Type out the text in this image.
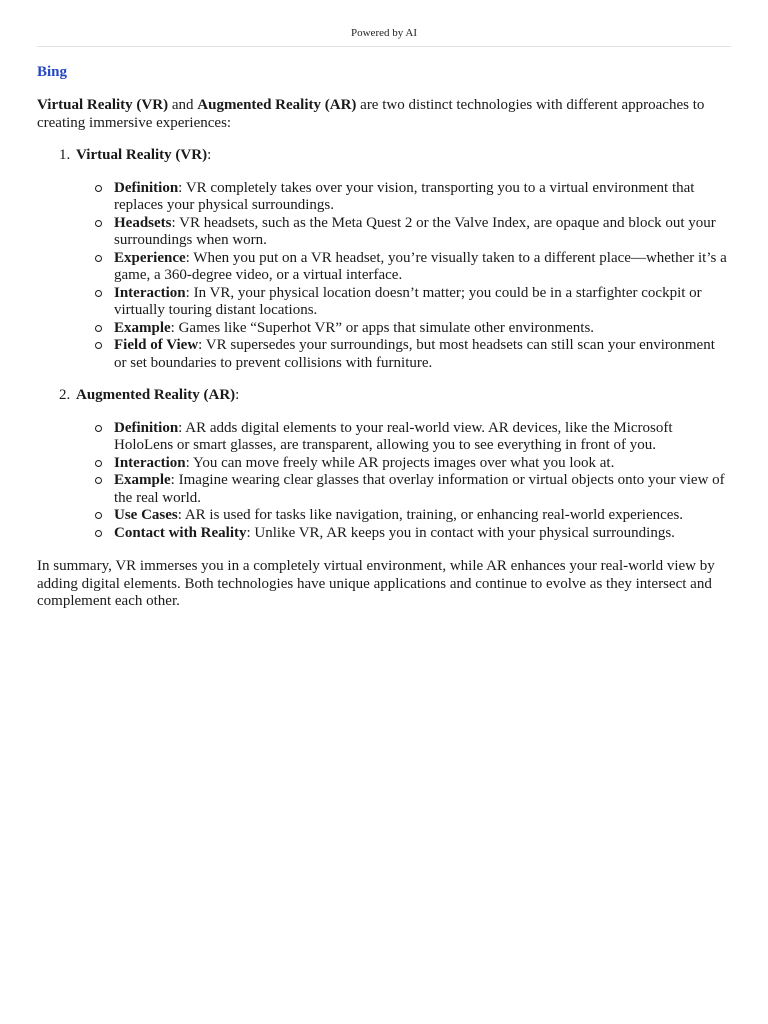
Powered by AI
Bing

Virtual Reality (VR) and Augmented Reality (AR) are two distinct technologies with different approaches to creating immersive experiences:

1. Virtual Reality (VR):
Definition: VR completely takes over your vision, transporting you to a virtual environment that replaces your physical surroundings.
Headsets: VR headsets, such as the Meta Quest 2 or the Valve Index, are opaque and block out your surroundings when worn.
Experience: When you put on a VR headset, you’re visually taken to a different place—whether it’s a game, a 360-degree video, or a virtual interface.
Interaction: In VR, your physical location doesn’t matter; you could be in a starfighter cockpit or virtually touring distant locations.
Example: Games like “Superhot VR” or apps that simulate other environments.
Field of View: VR supersedes your surroundings, but most headsets can still scan your environment or set boundaries to prevent collisions with furniture.
2. Augmented Reality (AR):
Definition: AR adds digital elements to your real-world view. AR devices, like the Microsoft HoloLens or smart glasses, are transparent, allowing you to see everything in front of you.
Interaction: You can move freely while AR projects images over what you look at.
Example: Imagine wearing clear glasses that overlay information or virtual objects onto your view of the real world.
Use Cases: AR is used for tasks like navigation, training, or enhancing real-world experiences.
Contact with Reality: Unlike VR, AR keeps you in contact with your physical surroundings.

In summary, VR immerses you in a completely virtual environment, while AR enhances your real-world view by adding digital elements. Both technologies have unique applications and continue to evolve as they intersect and complement each other.
